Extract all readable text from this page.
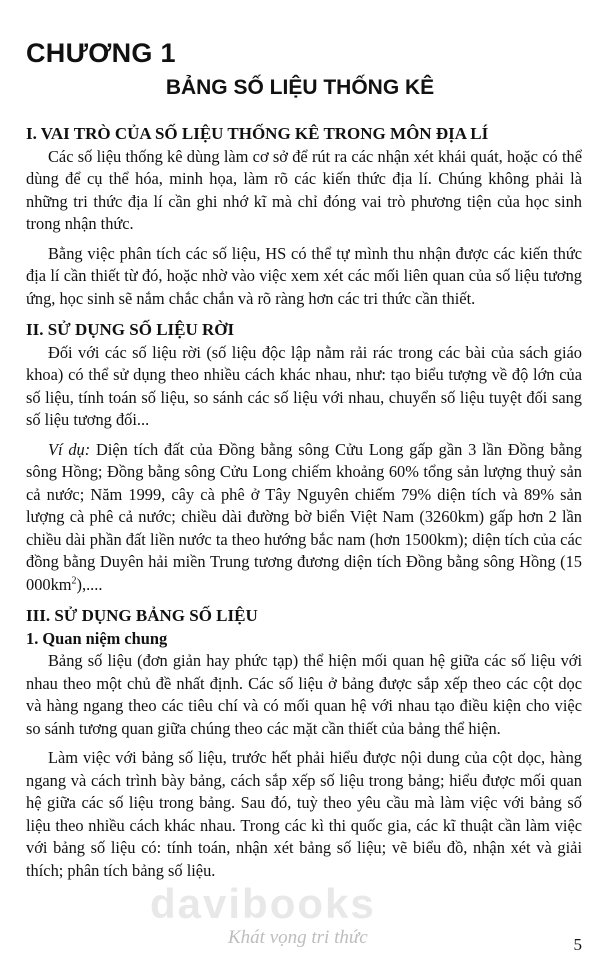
CHƯƠNG 1
BẢNG SỐ LIỆU THỐNG KÊ
I. VAI TRÒ CỦA SỐ LIỆU THỐNG KÊ TRONG MÔN ĐỊA LÍ

Các số liệu thống kê dùng làm cơ sở để rút ra các nhận xét khái quát, hoặc có thể dùng để cụ thể hóa, minh họa, làm rõ các kiến thức địa lí. Chúng không phải là những tri thức địa lí cần ghi nhớ kĩ mà chỉ đóng vai trò phương tiện của học sinh trong nhận thức.

Bằng việc phân tích các số liệu, HS có thể tự mình thu nhận được các kiến thức địa lí cần thiết từ đó, hoặc nhờ vào việc xem xét các mối liên quan của số liệu tương ứng, học sinh sẽ nắm chắc chắn và rõ ràng hơn các tri thức cần thiết.

II. SỬ DỤNG SỐ LIỆU RỜI

Đối với các số liệu rời (số liệu độc lập nằm rải rác trong các bài của sách giáo khoa) có thể sử dụng theo nhiều cách khác nhau, như: tạo biểu tượng về độ lớn của số liệu, tính toán số liệu, so sánh các số liệu với nhau, chuyển số liệu tuyệt đối sang số liệu tương đối...

Ví dụ: Diện tích đất của Đồng bằng sông Cửu Long gấp gần 3 lần Đồng bằng sông Hồng; Đồng bằng sông Cửu Long chiếm khoảng 60% tổng sản lượng thuỷ sản cả nước; Năm 1999, cây cà phê ở Tây Nguyên chiếm 79% diện tích và 89% sản lượng cà phê cả nước; chiều dài đường bờ biển Việt Nam (3260km) gấp hơn 2 lần chiều dài phần đất liền nước ta theo hướng bắc nam (hơn 1500km); diện tích của các đồng bằng Duyên hải miền Trung tương đương diện tích Đồng bằng sông Hồng (15 $000km^2$),....

III. SỬ DỤNG BẢNG SỐ LIỆU
1. Quan niệm chung

Bảng số liệu (đơn giản hay phức tạp) thể hiện mối quan hệ giữa các số liệu với nhau theo một chủ đề nhất định. Các số liệu ở bảng được sắp xếp theo các cột dọc và hàng ngang theo các tiêu chí và có mối quan hệ với nhau tạo điều kiện cho việc so sánh tương quan giữa chúng theo các mặt cần thiết của bảng thể hiện.

Làm việc với bảng số liệu, trước hết phải hiểu được nội dung của cột dọc, hàng ngang và cách trình bày bảng, cách sắp xếp số liệu trong bảng; hiểu được mối quan hệ giữa các số liệu trong bảng. Sau đó, tuỳ theo yêu cầu mà làm việc với bảng số liệu theo nhiều cách khác nhau. Trong các kì thi quốc gia, các kĩ thuật cần làm việc với bảng số liệu có: tính toán, nhận xét bảng số liệu; vẽ biểu đồ, nhận xét và giải thích; phân tích bảng số liệu.

davibooks
Khát vọng tri thức	5
